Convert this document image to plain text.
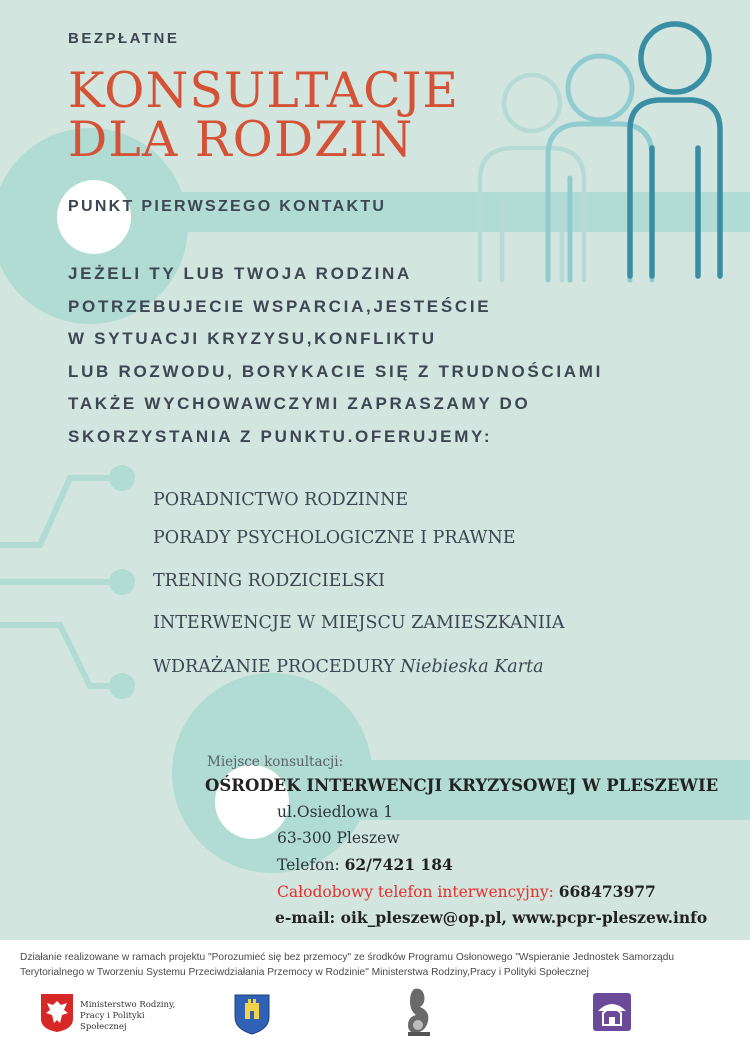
BEZPŁATNE
KONSULTACJE
DLA RODZIN
PUNKT PIERWSZEGO KONTAKTU
JEŻELI TY LUB TWOJA RODZINA
POTRZEBUJECIE WSPARCIA,JESTEŚCIE
W SYTUACJI KRYZYSU,KONFLIKTU
LUB ROZWODU, BORYKACIE SIĘ Z TRUDNOŚCIAMI
TAKŻE WYCHOWAWCZYMI ZAPRASZAMY DO
SKORZYSTANIA Z PUNKTU.OFERUJEMY:
PORADNICTWO RODZINNE
PORADY PSYCHOLOGICZNE I PRAWNE
TRENING RODZICIELSKI
INTERWENCJE W MIEJSCU ZAMIESZKANIIA
WDRAŻANIE PROCEDURY Niebieska Karta
Miejsce konsultacji:
OŚRODEK INTERWENCJI KRYZYSOWEJ W PLESZEWIE
ul.Osiedlowa 1
63-300 Pleszew
Telefon: 62/7421 184
Całodobowy telefon interwencyjny: 668473977
e-mail: oik_pleszew@op.pl, www.pcpr-pleszew.info
Działanie realizowane w ramach projektu "Porozumieć się bez przemocy" ze środków Programu Osłonowego "Wspieranie Jednostek Samorządu Terytorialnego w Tworzeniu Systemu Przeciwdziałania Przemocy w Rodzinie" Ministerstwa Rodziny,Pracy i Polityki Społecznej
Ministerstwo Rodziny,
Pracy i Polityki Społecznej
